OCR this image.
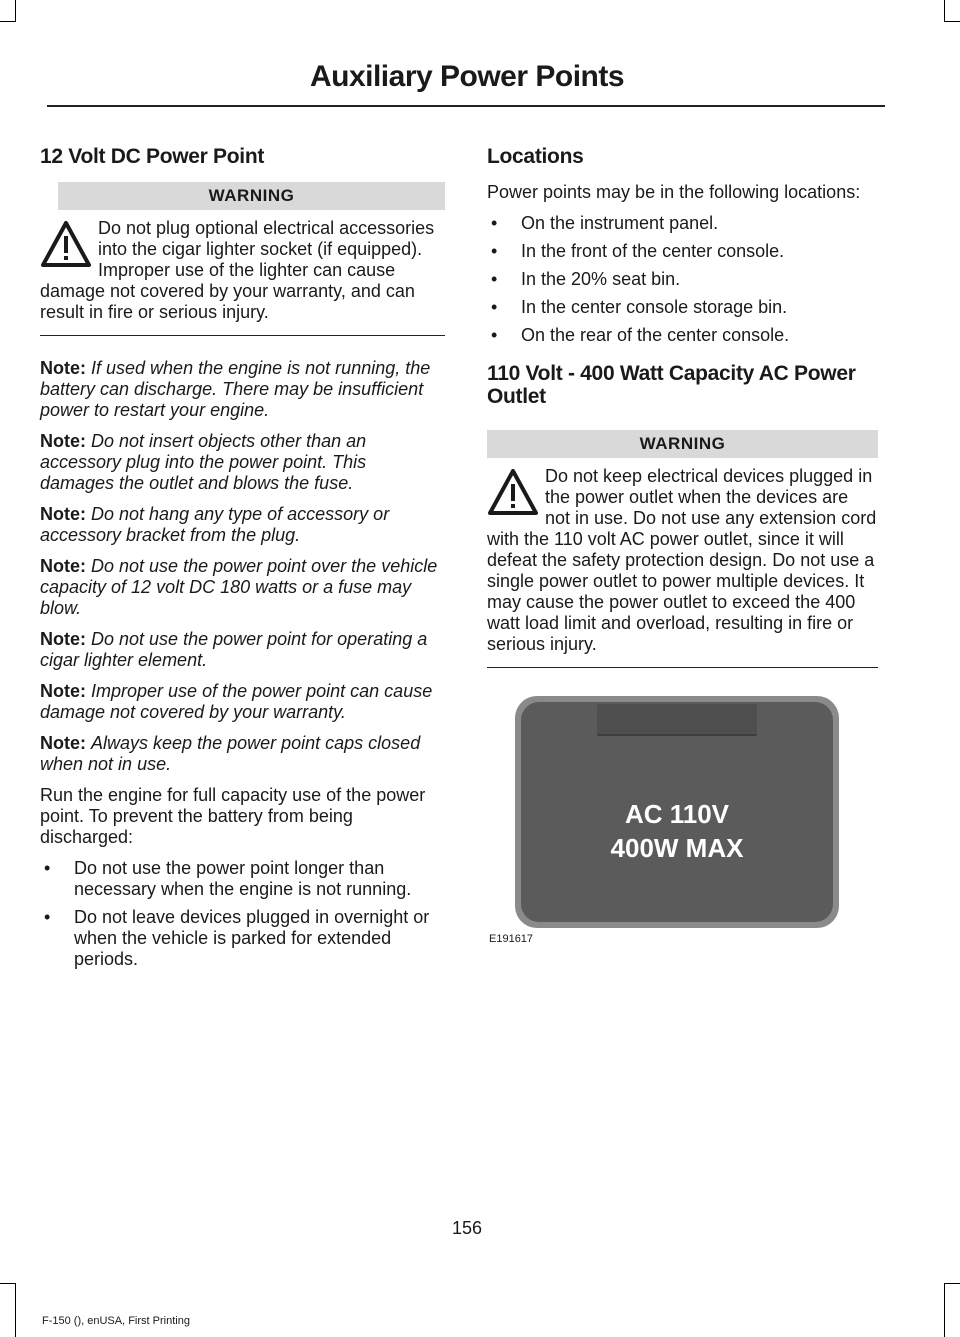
Auxiliary Power Points
12 Volt DC Power Point
WARNING
Do not plug optional electrical accessories into the cigar lighter socket (if equipped). Improper use of the lighter can cause damage not covered by your warranty, and can result in fire or serious injury.

Note: If used when the engine is not running, the battery can discharge. There may be insufficient power to restart your engine.

Note: Do not insert objects other than an accessory plug into the power point. This damages the outlet and blows the fuse.

Note: Do not hang any type of accessory or accessory bracket from the plug.

Note: Do not use the power point over the vehicle capacity of 12 volt DC 180 watts or a fuse may blow.

Note: Do not use the power point for operating a cigar lighter element.

Note: Improper use of the power point can cause damage not covered by your warranty.

Note: Always keep the power point caps closed when not in use.

Run the engine for full capacity use of the power point. To prevent the battery from being discharged:

• Do not use the power point longer than necessary when the engine is not running.
• Do not leave devices plugged in overnight or when the vehicle is parked for extended periods.
Locations

Power points may be in the following locations:

• On the instrument panel.
• In the front of the center console.
• In the 20% seat bin.
• In the center console storage bin.
• On the rear of the center console.
110 Volt - 400 Watt Capacity AC Power Outlet
WARNING
Do not keep electrical devices plugged in the power outlet when the devices are not in use. Do not use any extension cord with the 110 volt AC power outlet, since it will defeat the safety protection design. Do not use a single power outlet to power multiple devices. It may cause the power outlet to exceed the 400 watt load limit and overload, resulting in fire or serious injury.
AC 110V
400W MAX
E191617
156
F-150 (), enUSA, First Printing
